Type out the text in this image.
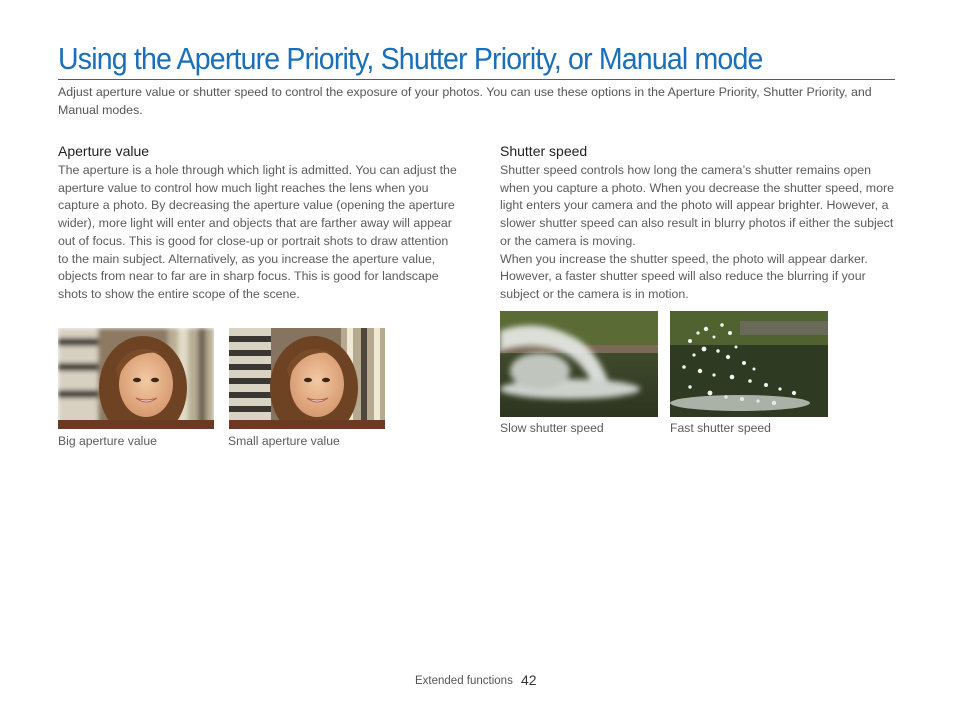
Using the Aperture Priority, Shutter Priority, or Manual mode

Adjust aperture value or shutter speed to control the exposure of your photos. You can use these options in the Aperture Priority, Shutter Priority, and Manual modes.

Aperture value

The aperture is a hole through which light is admitted. You can adjust the aperture value to control how much light reaches the lens when you capture a photo. By decreasing the aperture value (opening the aperture wider), more light will enter and objects that are farther away will appear out of focus. This is good for close-up or portrait shots to draw attention to the main subject. Alternatively, as you increase the aperture value, objects from near to far are in sharp focus. This is good for landscape shots to show the entire scope of the scene.

Big aperture value	Small aperture value
Shutter speed

Shutter speed controls how long the camera’s shutter remains open when you capture a photo. When you decrease the shutter speed, more light enters your camera and the photo will appear brighter. However, a slower shutter speed can also result in blurry photos if either the subject or the camera is moving.

When you increase the shutter speed, the photo will appear darker. However, a faster shutter speed will also reduce the blurring if your subject or the camera is in motion.

Slow shutter speed	Fast shutter speed
Extended functions 42
